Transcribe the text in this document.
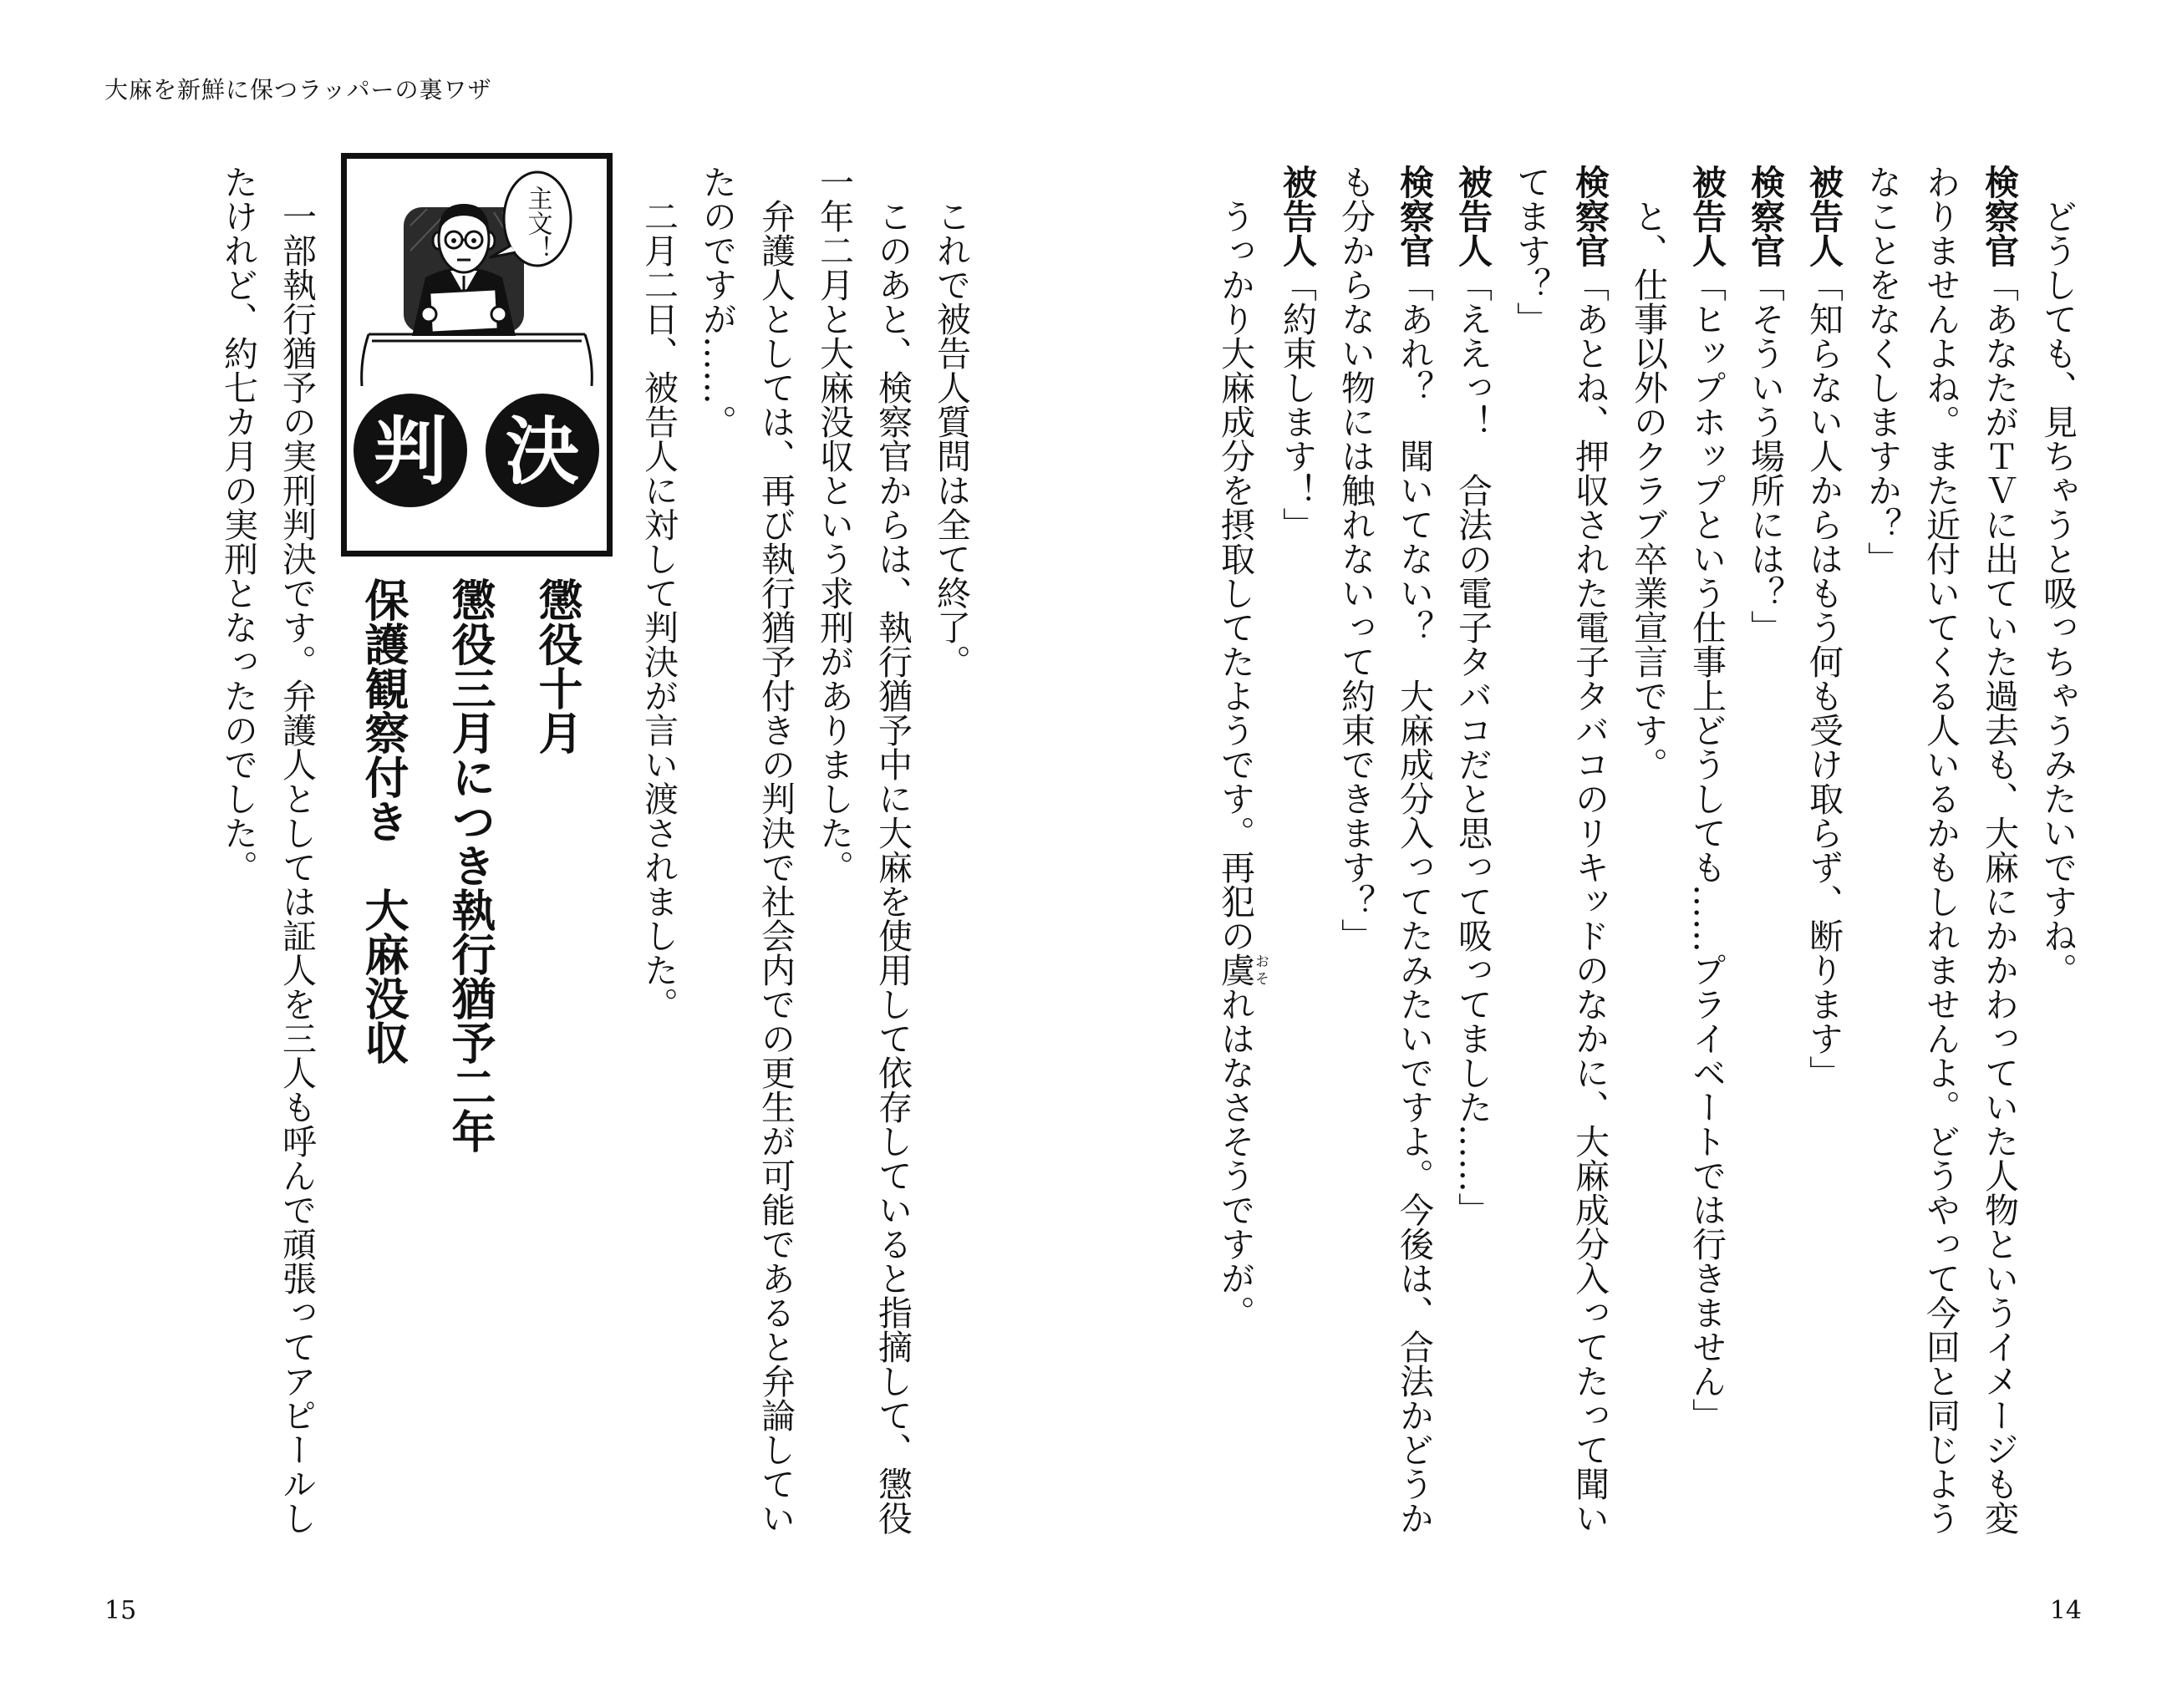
大麻を新鮮に保つラッパーの裏ワザ
どうしても、見ちゃうと吸っちゃうみたいですね。
検察官「あなたがＴＶに出ていた過去も、大麻にかかわっていた人物というイメージも変
わりませんよね。また近付いてくる人いるかもしれませんよ。どうやって今回と同じよう
なことをなくしますか？」
被告人「知らない人からはもう何も受け取らず、断ります」
検察官「そういう場所には？」
被告人「ヒップホップという仕事上どうしても……プライベートでは行きません」
と、仕事以外のクラブ卒業宣言です。
検察官「あとね、押収された電子タバコのリキッドのなかに、大麻成分入ってたって聞い
てます？」
被告人「ええっ！　合法の電子タバコだと思って吸ってました……」
検察官「あれ？　聞いてない？　大麻成分入ってたみたいですよ。今後は、合法かどうか
も分からない物には触れないって約束できます？」
被告人「約束します！」
うっかり大麻成分を摂取してたようです。再犯の虞おそれはなさそうですが。
これで被告人質問は全て終了。
このあと、検察官からは、執行猶予中に大麻を使用して依存していると指摘して、懲役
一年二月と大麻没収という求刑がありました。
弁護人としては、再び執行猶予付きの判決で社会内での更生が可能であると弁論してい
たのですが……。
二月二日、被告人に対して判決が言い渡されました。
主文！
判 決
懲役十月
懲役三月につき執行猶予二年
保護観察付き　大麻没収
一部執行猶予の実刑判決です。弁護人としては証人を三人も呼んで頑張ってアピールし
たけれど、約七カ月の実刑となったのでした。
15	14
